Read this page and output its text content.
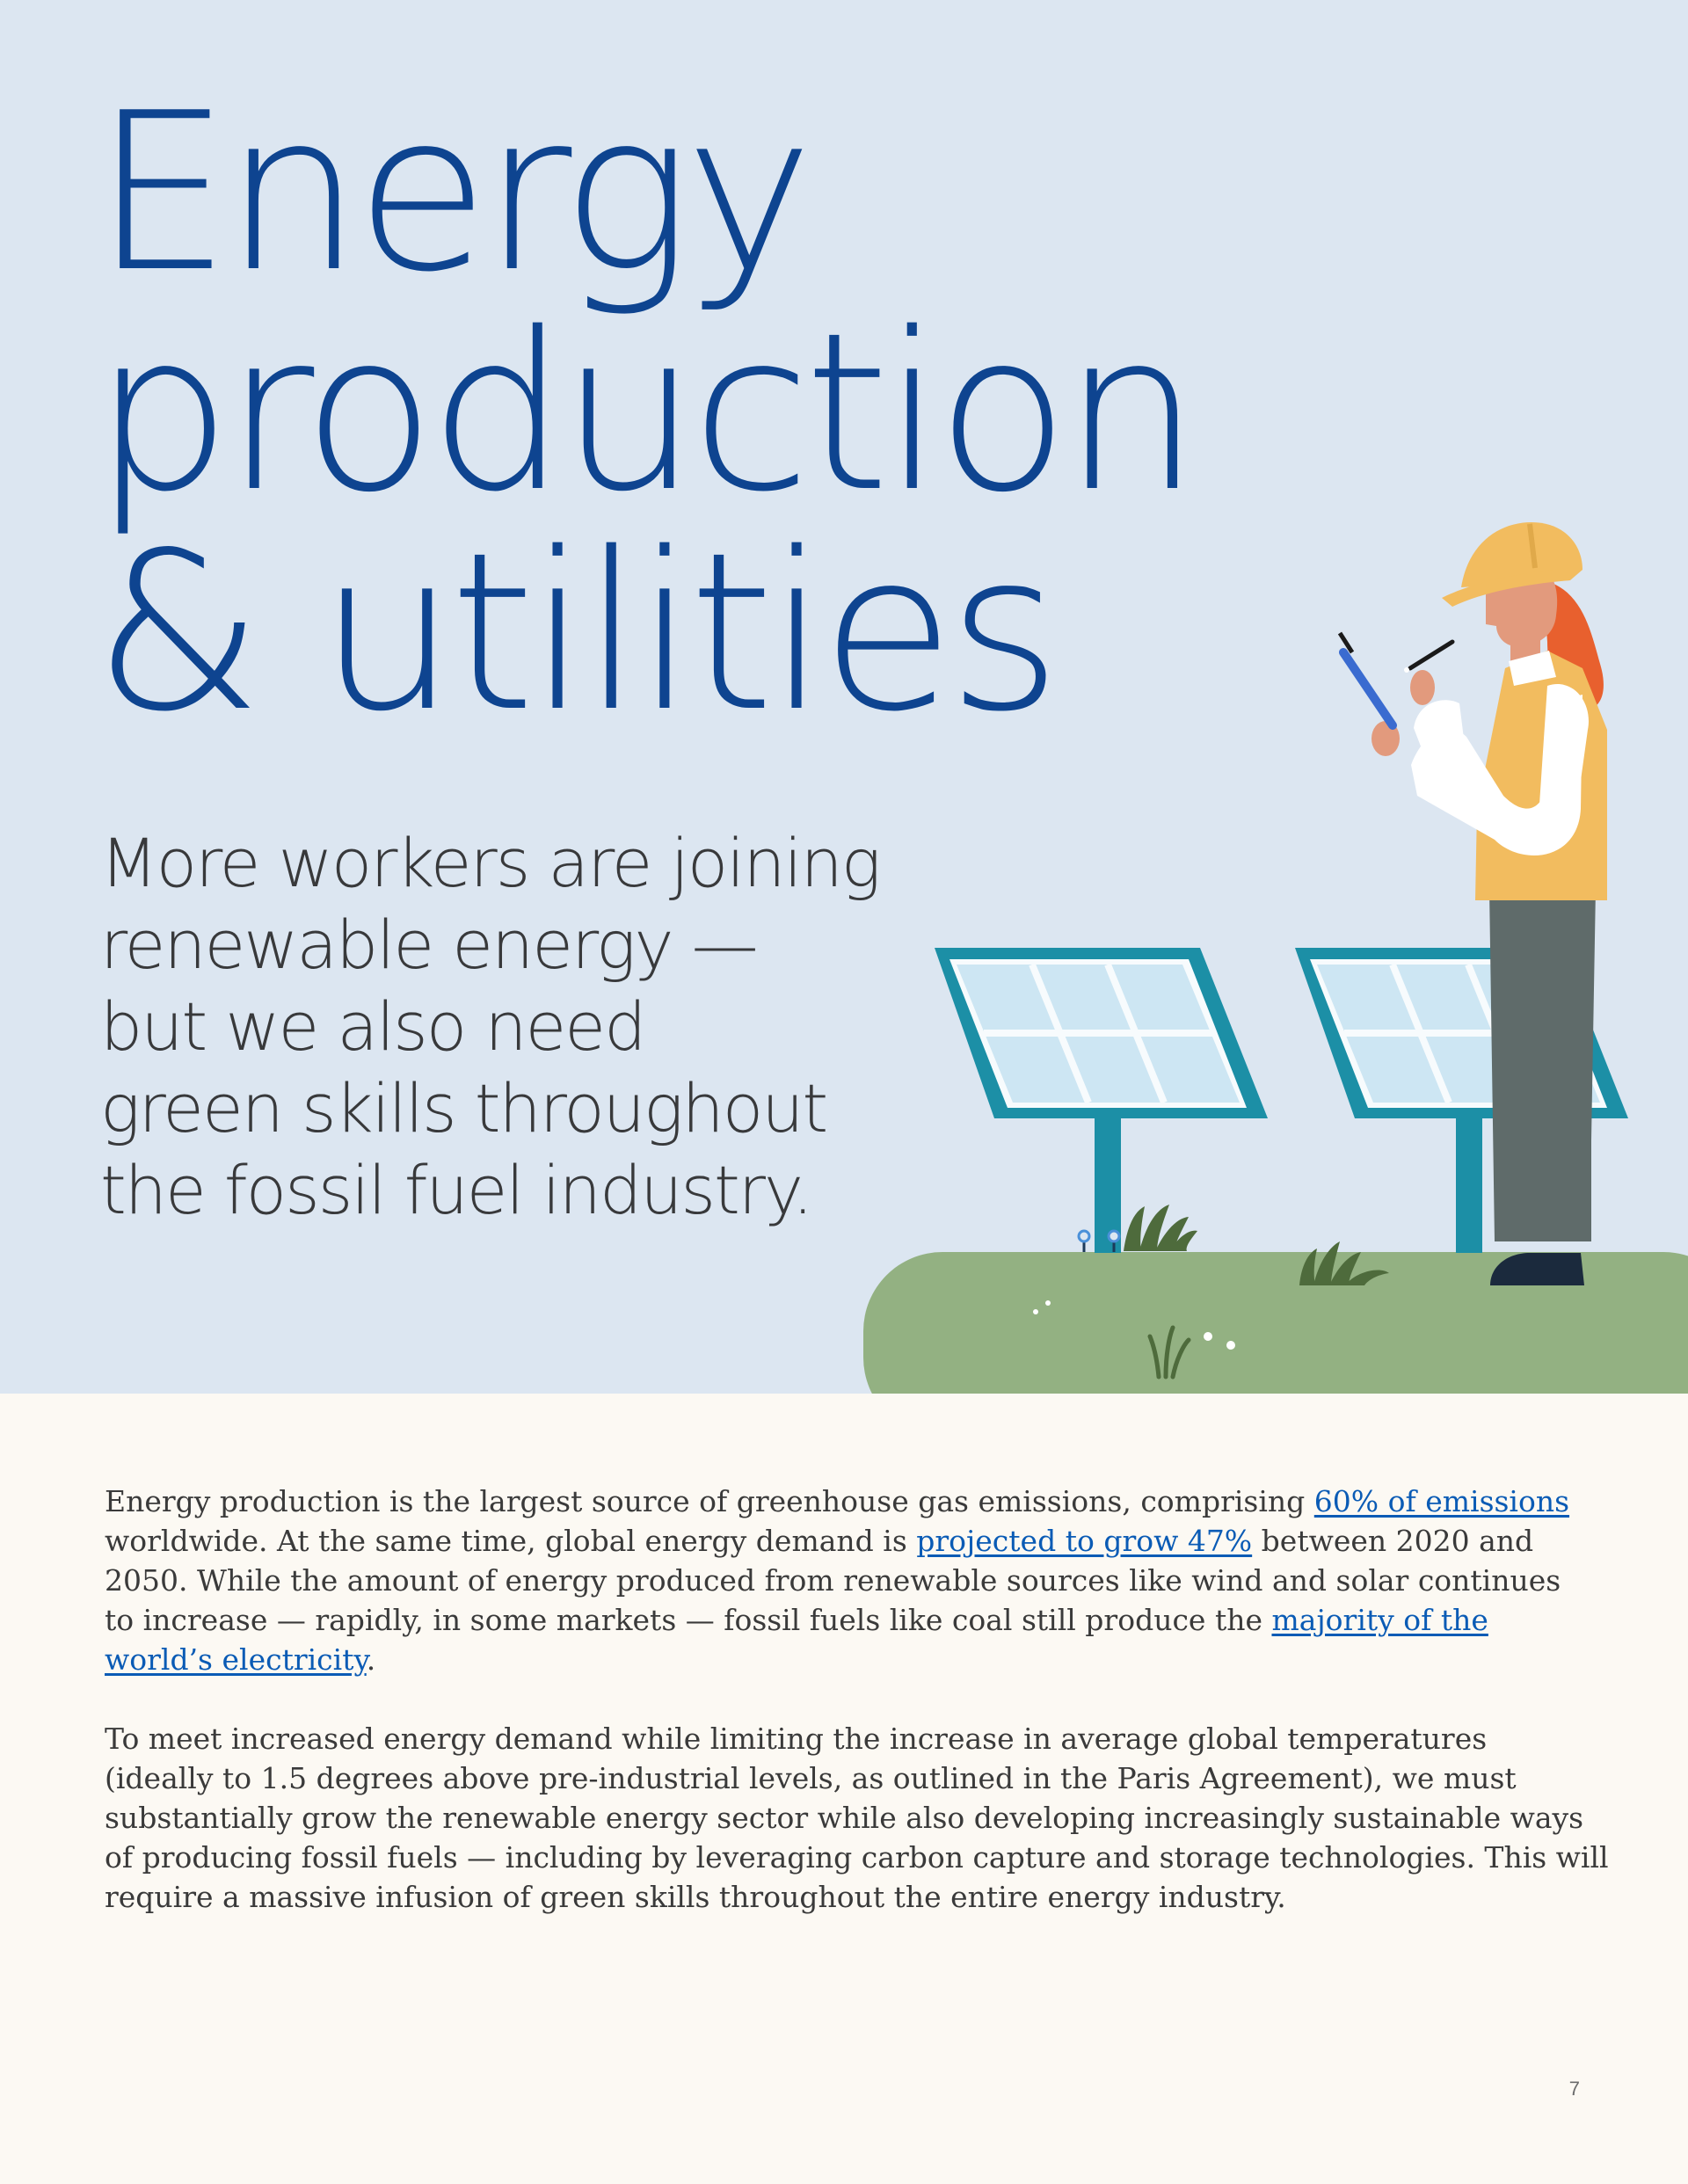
Energy
production
& utilities
More workers are joining
renewable energy —
but we also need
green skills throughout
the fossil fuel industry.

Energy production is the largest source of greenhouse gas emissions, comprising 60% of emissions
worldwide. At the same time, global energy demand is projected to grow 47% between 2020 and
2050. While the amount of energy produced from renewable sources like wind and solar continues
to increase — rapidly, in some markets — fossil fuels like coal still produce the majority of the
world’s electricity.

To meet increased energy demand while limiting the increase in average global temperatures
(ideally to 1.5 degrees above pre-industrial levels, as outlined in the Paris Agreement), we must
substantially grow the renewable energy sector while also developing increasingly sustainable ways
of producing fossil fuels — including by leveraging carbon capture and storage technologies. This will
require a massive infusion of green skills throughout the entire energy industry.

7
